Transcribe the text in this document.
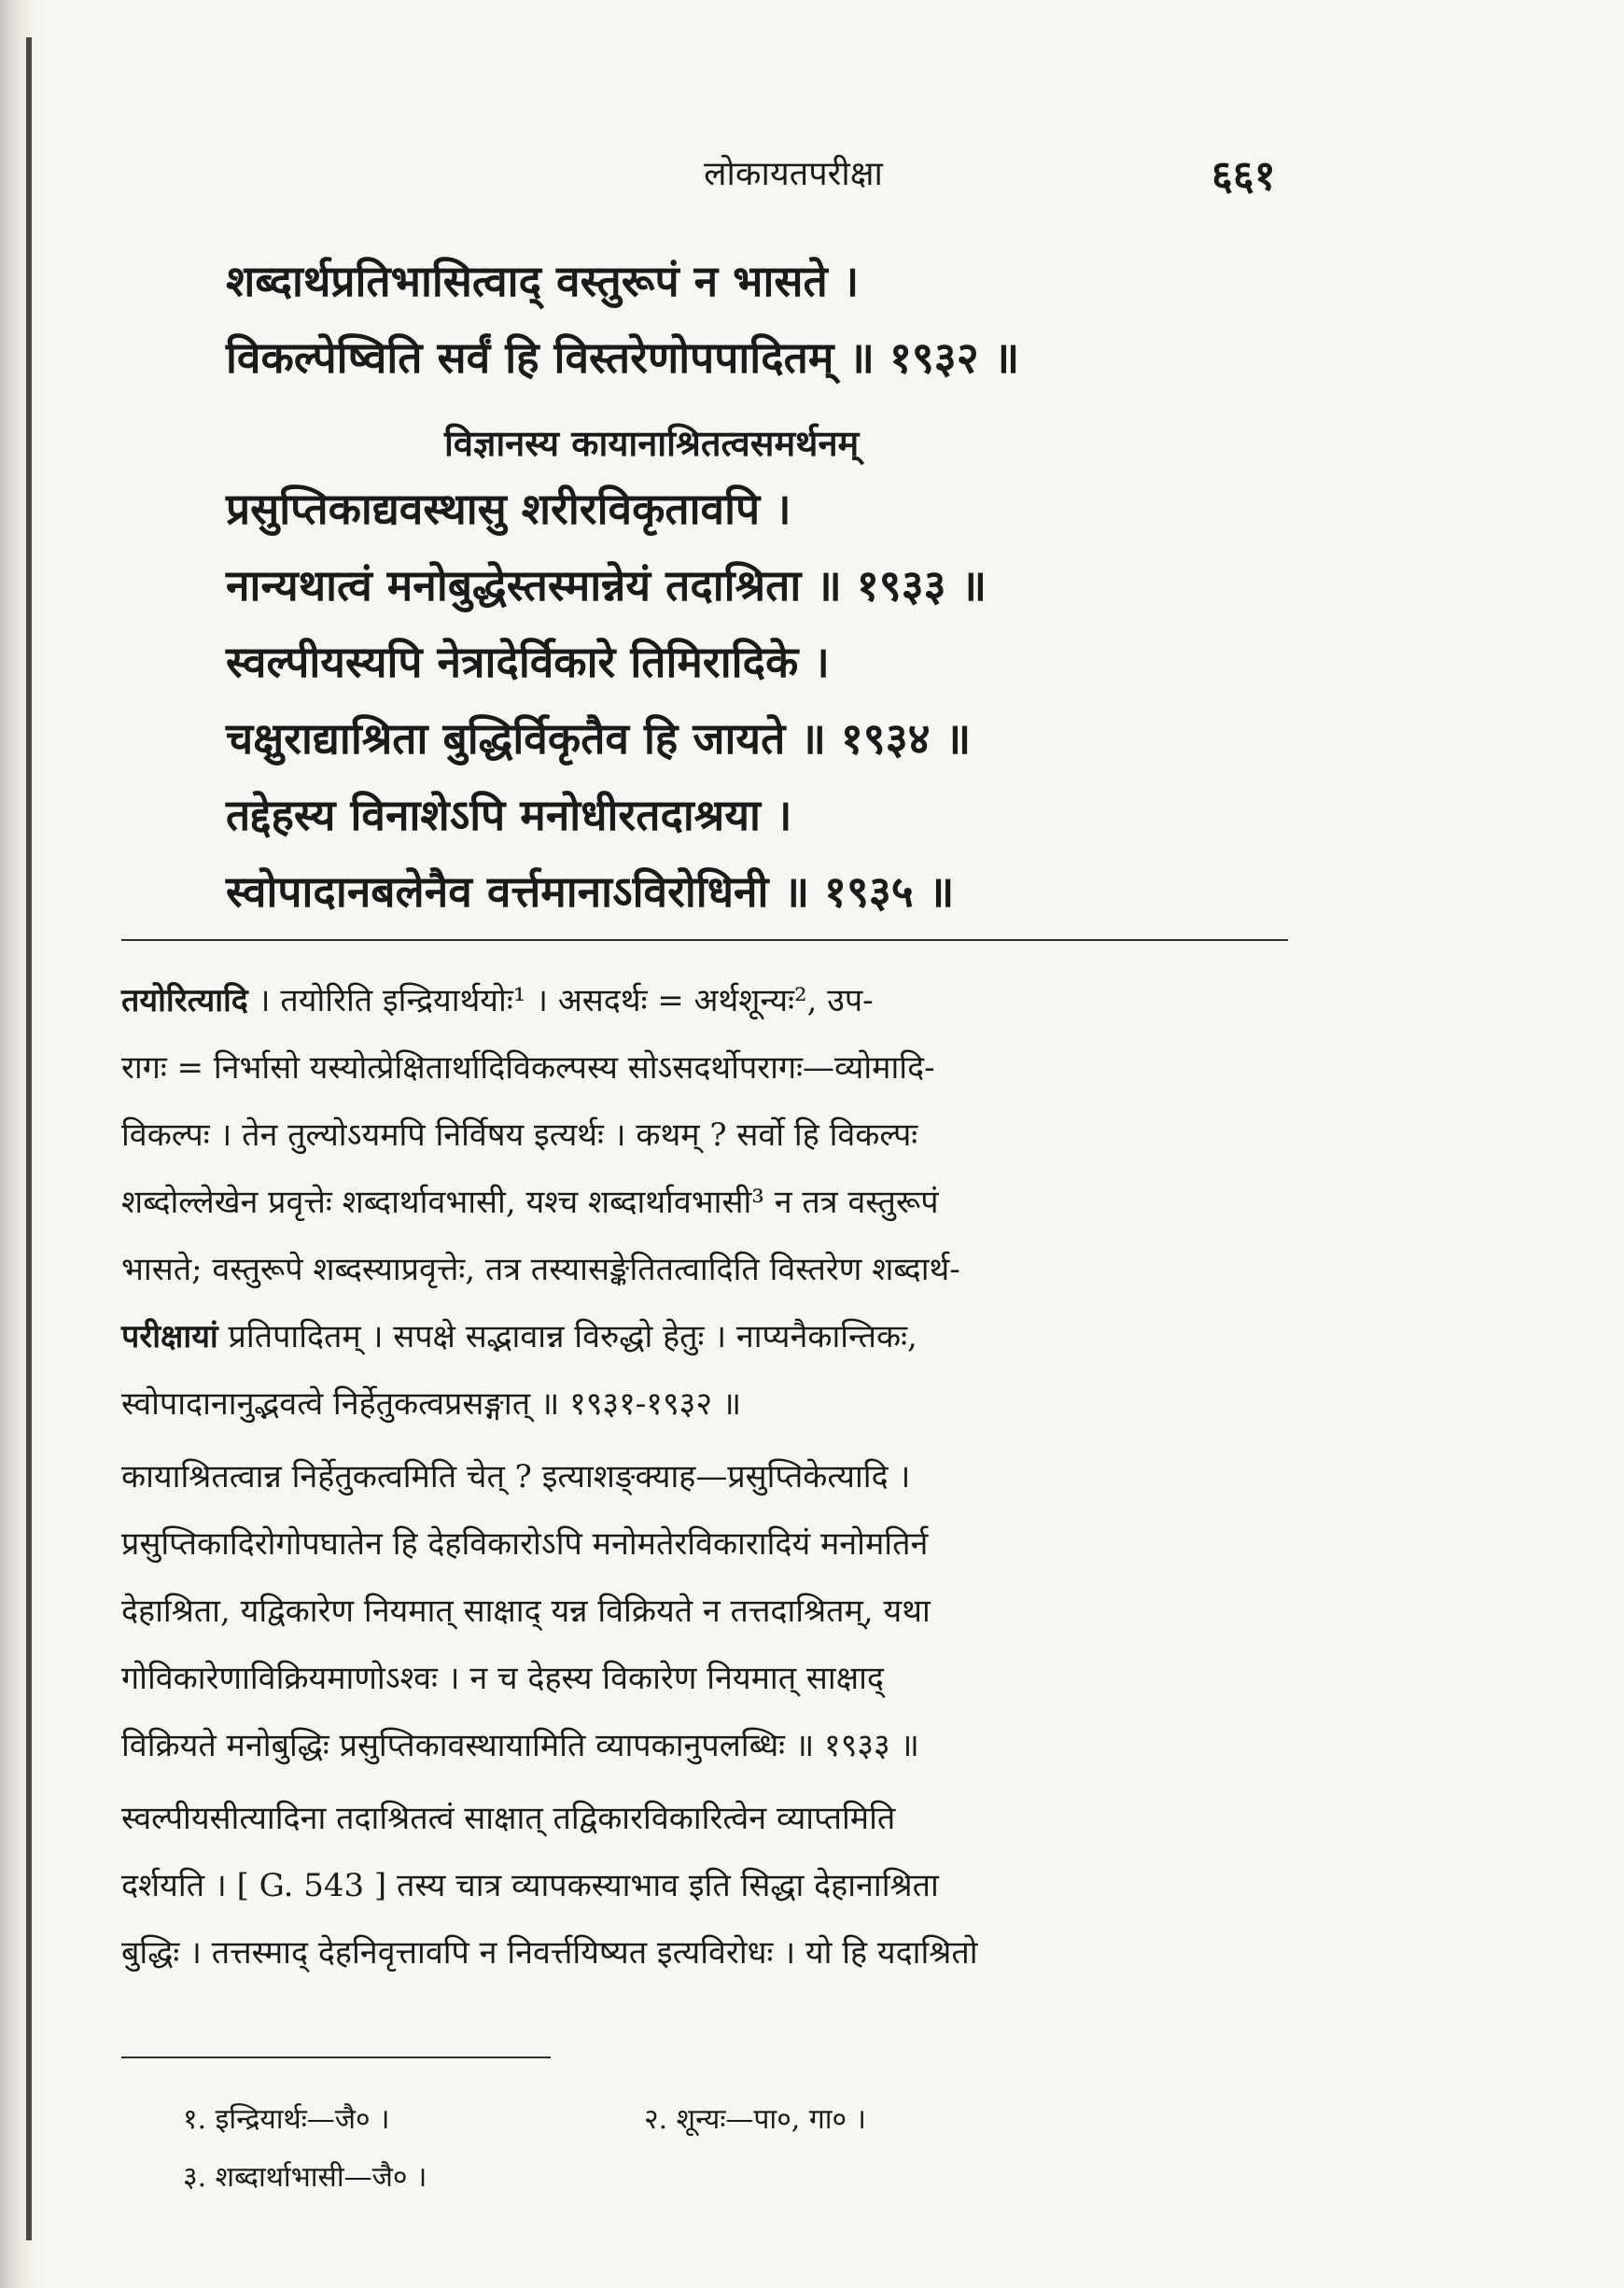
लोकायतपरीक्षा	६६१
शब्दार्थप्रतिभासित्वाद् वस्तुरूपं न भासते ।
विकल्पेष्विति सर्वं हि विस्तरेणोपपादितम् ॥ १९३२ ॥
विज्ञानस्य कायानाश्रितत्वसमर्थनम्
प्रसुप्तिकाद्यवस्थासु शरीरविकृतावपि ।
नान्यथात्वं मनोबुद्धेस्तस्मान्नेयं तदाश्रिता ॥ १९३३ ॥
स्वल्पीयस्यपि नेत्रादेर्विकारे तिमिरादिके ।
चक्षुराद्याश्रिता बुद्धिर्विकृतैव हि जायते ॥ १९३४ ॥
तद्देहस्य विनाशेऽपि मनोधीरतदाश्रया ।
स्वोपादानबलेनैव वर्त्तमानाऽविरोधिनी ॥ १९३५ ॥
तयोरित्यादि । तयोरिति इन्द्रियार्थयोः¹ । असदर्थः = अर्थशून्यः², उप-
रागः = निर्भासो यस्योत्प्रेक्षितार्थादिविकल्पस्य सोऽसदर्थोपरागः—व्योमादि-
विकल्पः । तेन तुल्योऽयमपि निर्विषय इत्यर्थः । कथम् ? सर्वो हि विकल्पः
शब्दोल्लेखेन प्रवृत्तेः शब्दार्थावभासी, यश्च शब्दार्थावभासी³ न तत्र वस्तुरूपं
भासते; वस्तुरूपे शब्दस्याप्रवृत्तेः, तत्र तस्यासङ्केतितत्वादिति विस्तरेण शब्दार्थ-
परीक्षायां प्रतिपादितम् । सपक्षे सद्भावान्न विरुद्धो हेतुः । नाप्यनैकान्तिकः,
स्वोपादानानुद्भवत्वे निर्हेतुकत्वप्रसङ्गात् ॥ १९३१-१९३२ ॥
कायाश्रितत्वान्न निर्हेतुकत्वमिति चेत् ? इत्याशङ्क्याह—प्रसुप्तिकेत्यादि ।
प्रसुप्तिकादिरोगोपघातेन हि देहविकारोऽपि मनोमतेरविकारादियं मनोमतिर्न
देहाश्रिता, यद्विकारेण नियमात् साक्षाद् यन्न विक्रियते न तत्तदाश्रितम्, यथा
गोविकारेणाविक्रियमाणोऽश्वः । न च देहस्य विकारेण नियमात् साक्षाद्
विक्रियते मनोबुद्धिः प्रसुप्तिकावस्थायामिति व्यापकानुपलब्धिः ॥ १९३३ ॥
स्वल्पीयसीत्यादिना तदाश्रितत्वं साक्षात् तद्विकारविकारित्वेन व्याप्तमिति
दर्शयति । [ G. 543 ] तस्य चात्र व्यापकस्याभाव इति सिद्धा देहानाश्रिता
बुद्धिः । तत्तस्माद् देहनिवृत्तावपि न निवर्त्तयिष्यत इत्यविरोधः । यो हि यदाश्रितो
१. इन्द्रियार्थः—जै० ।	२. शून्यः—पा०, गा० ।
३. शब्दार्थाभासी—जै० ।
